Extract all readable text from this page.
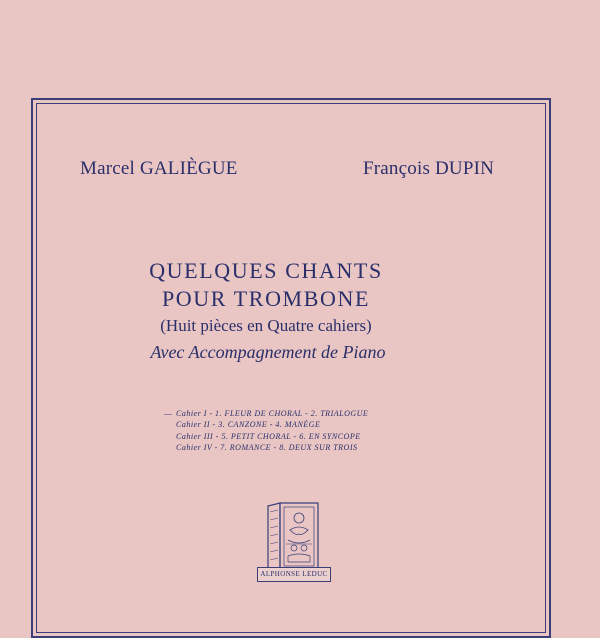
Marcel GALIÈGUE	François DUPIN
QUELQUES CHANTS
POUR TROMBONE
(Huit pièces en Quatre cahiers)
Avec Accompagnement de Piano
— Cahier I - 1. FLEUR DE CHORAL - 2. TRIALOGUE
Cahier II - 3. CANZONE - 4. MANÈGE
Cahier III - 5. PETIT CHORAL - 6. EN SYNCOPE
Cahier IV - 7. ROMANCE - 8. DEUX SUR TROIS
ALPHONSE LEDUC
